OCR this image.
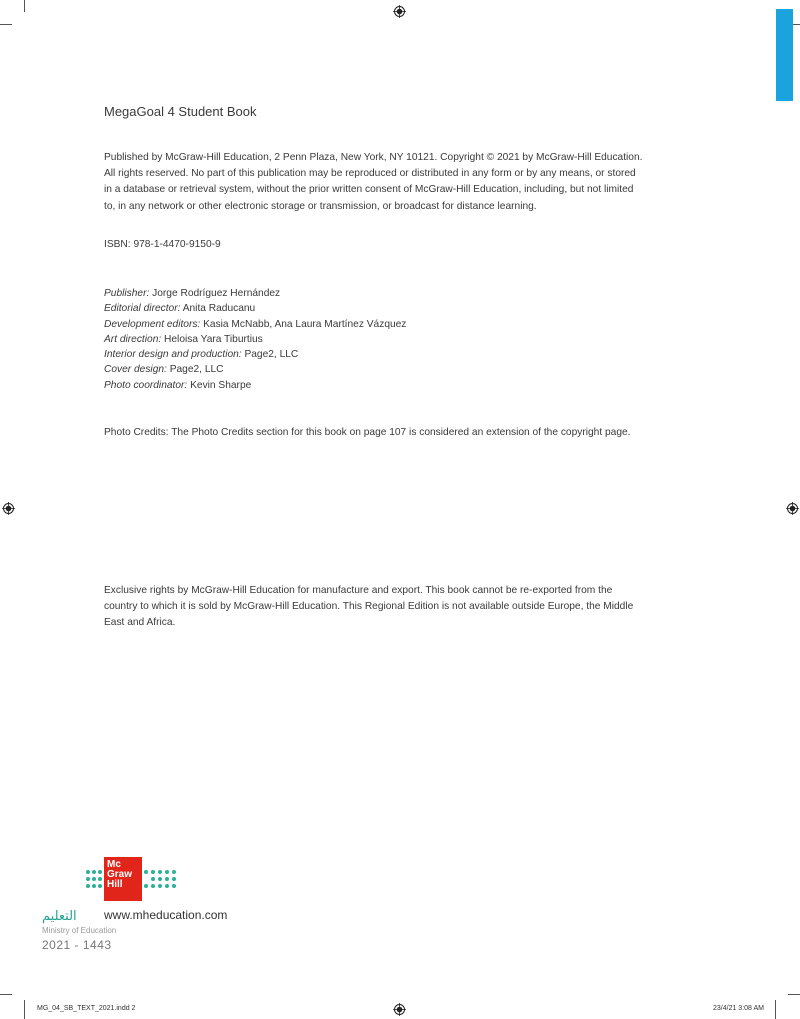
MegaGoal 4 Student Book

Published by McGraw-Hill Education, 2 Penn Plaza, New York, NY 10121. Copyright © 2021 by McGraw-Hill Education.

All rights reserved. No part of this publication may be reproduced or distributed in any form or by any means, or stored

in a database or retrieval system, without the prior written consent of McGraw-Hill Education, including, but not limited

to, in any network or other electronic storage or transmission, or broadcast for distance learning.

ISBN: 978-1-4470-9150-9
Publisher: Jorge Rodríguez Hernández
Editorial director: Anita Raducanu
Development editors: Kasia McNabb, Ana Laura Martínez Vázquez
Art direction: Heloisa Yara Tiburtius
Interior design and production: Page2, LLC
Cover design: Page2, LLC
Photo coordinator: Kevin Sharpe
Photo Credits: The Photo Credits section for this book on page 107 is considered an extension of the copyright page.

Exclusive rights by McGraw-Hill Education for manufacture and export. This book cannot be re-exported from the

country to which it is sold by McGraw-Hill Education. This Regional Edition is not available outside Europe, the Middle

East and Africa.

Mc
Graw
Hill
التعليم www.mheducation.com
Ministry of Education
2021 - 1443
MG_04_SB_TEXT_2021.indd 2	23/4/21 3:08 AM
